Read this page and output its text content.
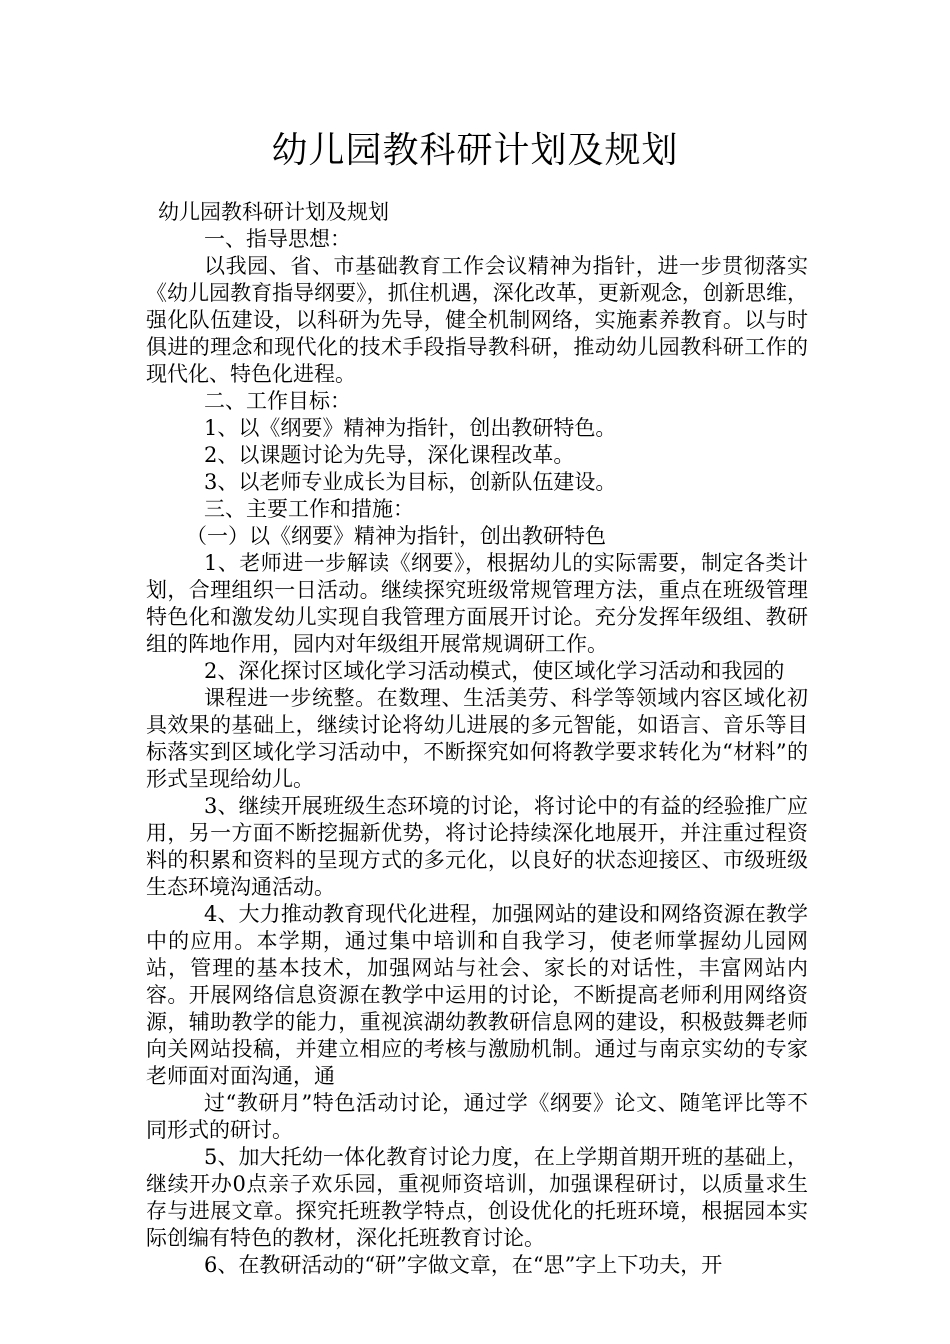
幼儿园教科研计划及规划

幼儿园教科研计划及规划

一、指导思想：

以我园、省、市基础教育工作会议精神为指针，进一步贯彻落实《幼儿园教育指导纲要》，抓住机遇，深化改革，更新观念，创新思维，强化队伍建设，以科研为先导，健全机制网络，实施素养教育。以与时俱进的理念和现代化的技术手段指导教科研，推动幼儿园教科研工作的现代化、特色化进程。

二、工作目标：

1、以《纲要》精神为指针，创出教研特色。

2、以课题讨论为先导，深化课程改革。

3、以老师专业成长为目标，创新队伍建设。

三、主要工作和措施：

（一）以《纲要》精神为指针，创出教研特色

1、老师进一步解读《纲要》，根据幼儿的实际需要，制定各类计划，合理组织一日活动。继续探究班级常规管理方法，重点在班级管理特色化和激发幼儿实现自我管理方面展开讨论。充分发挥年级组、教研组的阵地作用，园内对年级组开展常规调研工作。

2、深化探讨区域化学习活动模式，使区域化学习活动和我园的

课程进一步统整。在数理、生活美劳、科学等领域内容区域化初具效果的基础上，继续讨论将幼儿进展的多元智能，如语言、音乐等目标落实到区域化学习活动中，不断探究如何将教学要求转化为“材料”的形式呈现给幼儿。

3、继续开展班级生态环境的讨论，将讨论中的有益的经验推广应用，另一方面不断挖掘新优势，将讨论持续深化地展开，并注重过程资料的积累和资料的呈现方式的多元化，以良好的状态迎接区、市级班级生态环境沟通活动。

4、大力推动教育现代化进程，加强网站的建设和网络资源在教学中的应用。本学期，通过集中培训和自我学习，使老师掌握幼儿园网站，管理的基本技术，加强网站与社会、家长的对话性，丰富网站内容。开展网络信息资源在教学中运用的讨论，不断提高老师利用网络资源，辅助教学的能力，重视滨湖幼教教研信息网的建设，积极鼓舞老师向关网站投稿，并建立相应的考核与激励机制。通过与南京实幼的专家老师面对面沟通，通

过“教研月”特色活动讨论，通过学《纲要》论文、随笔评比等不同形式的研讨。

5、加大托幼一体化教育讨论力度，在上学期首期开班的基础上，继续开办0点亲子欢乐园，重视师资培训，加强课程研讨，以质量求生存与进展文章。探究托班教学特点，创设优化的托班环境，根据园本实际创编有特色的教材，深化托班教育讨论。

6、在教研活动的“研”字做文章，在“思”字上下功夫，开
